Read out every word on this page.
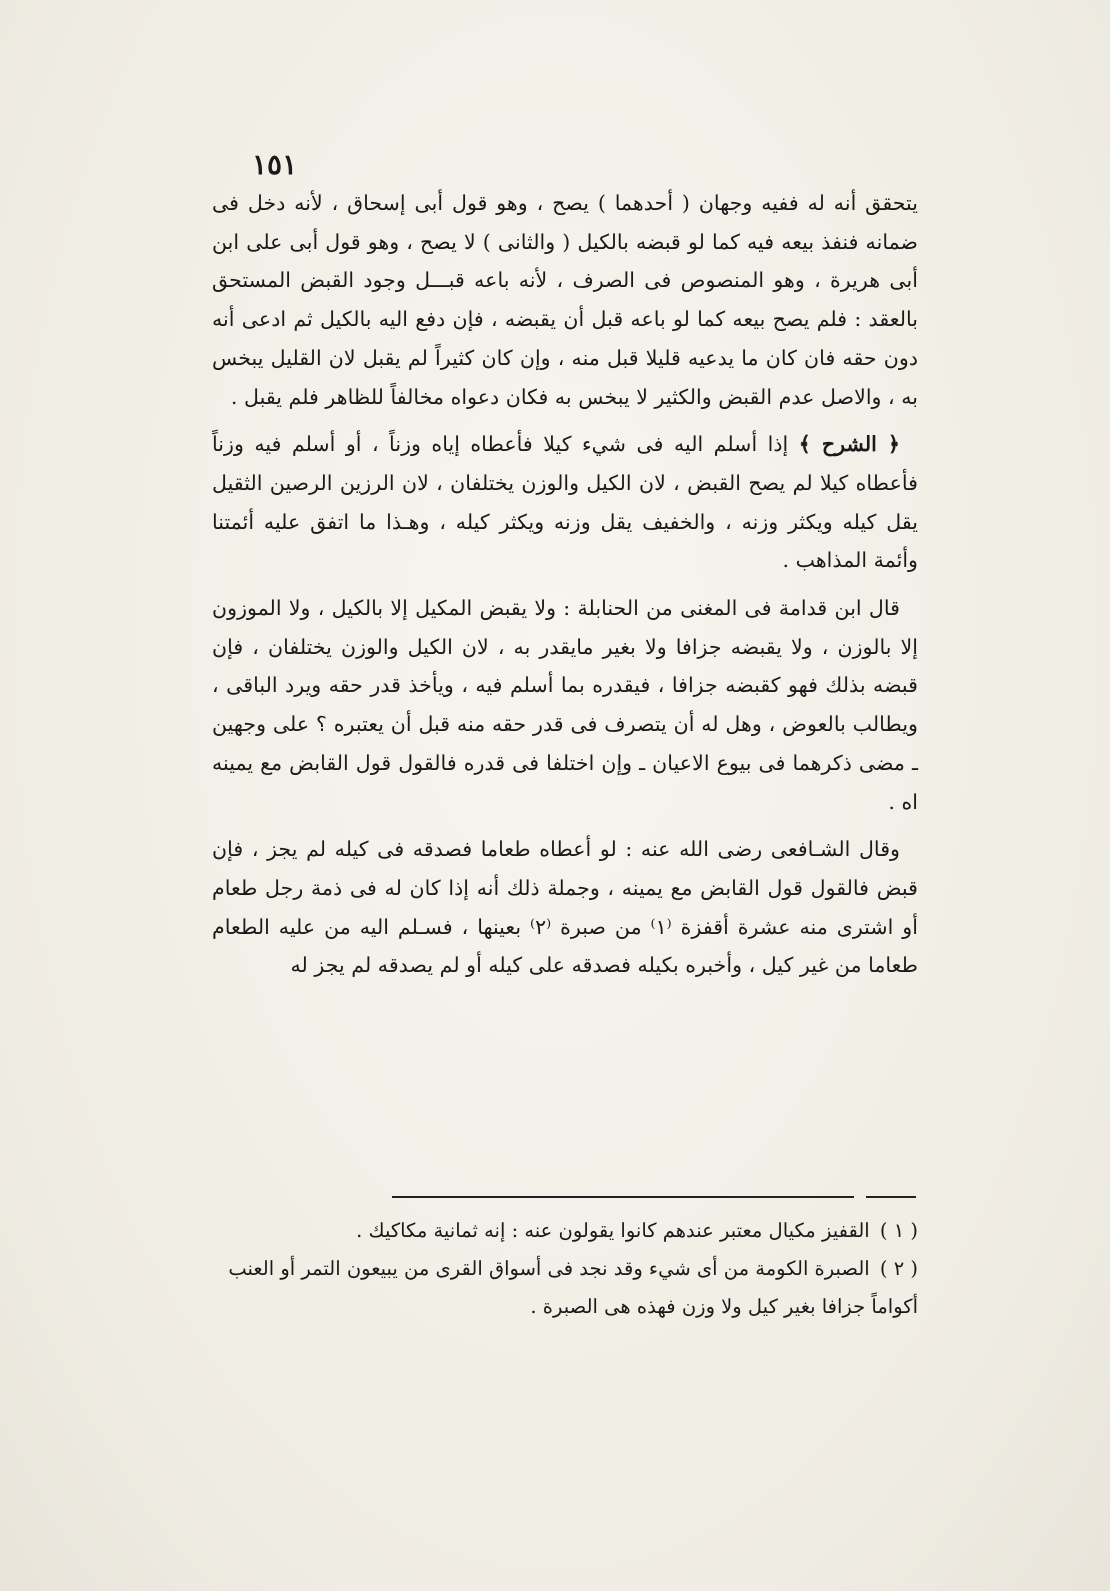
١٥١

يتحقق أنه له ففيه وجهان ( أحدهما ) يصح ، وهو قول أبى إسحاق ، لأنه دخل فى ضمانه فنفذ بيعه فيه كما لو قبضه بالكيل ( والثانى ) لا يصح ، وهو قول أبى على ابن أبى هريرة ، وهو المنصوص فى الصرف ، لأنه باعه قبـــل وجود القبض المستحق بالعقد : فلم يصح بيعه كما لو باعه قبل أن يقبضه ، فإن دفع اليه بالكيل ثم ادعى أنه دون حقه فان كان ما يدعيه قليلا قبل منه ، وإن كان كثيراً لم يقبل لان القليل يبخس به ، والاصل عدم القبض والكثير لا يبخس به فكان دعواه مخالفاً للظاهر فلم يقبل .

﴿ الشرح ﴾ إذا أسلم اليه فى شيء كيلا فأعطاه إياه وزناً ، أو أسلم فيه وزناً فأعطاه كيلا لم يصح القبض ، لان الكيل والوزن يختلفان ، لان الرزين الرصين الثقيل يقل كيله ويكثر وزنه ، والخفيف يقل وزنه ويكثر كيله ، وهـذا ما اتفق عليه أئمتنا وأئمة المذاهب .

قال ابن قدامة فى المغنى من الحنابلة : ولا يقبض المكيل إلا بالكيل ، ولا الموزون إلا بالوزن ، ولا يقبضه جزافا ولا بغير مايقدر به ، لان الكيل والوزن يختلفان ، فإن قبضه بذلك فهو كقبضه جزافا ، فيقدره بما أسلم فيه ، ويأخذ قدر حقه ويرد الباقى ، ويطالب بالعوض ، وهل له أن يتصرف فى قدر حقه منه قبل أن يعتبره ؟ على وجهين ـ مضى ذكرهما فى بيوع الاعيان ـ وإن اختلفا فى قدره فالقول قول القابض مع يمينه اه .

وقال الشـافعى رضى الله عنه : لو أعطاه طعاما فصدقه فى كيله لم يجز ، فإن قبض فالقول قول القابض مع يمينه ، وجملة ذلك أنه إذا كان له فى ذمة رجل طعام أو اشترى منه عشرة أقفزة ⁽١⁾ من صبرة ⁽٢⁾ بعينها ، فسـلم اليه من عليه الطعام طعاما من غير كيل ، وأخبره بكيله فصدقه على كيله أو لم يصدقه لم يجز له

( ١ ) القفيز مكيال معتبر عندهم كانوا يقولون عنه : إنه ثمانية مكاكيك .

( ٢ ) الصبرة الكومة من أى شيء وقد نجد فى أسواق القرى من يبيعون التمر أو العنب أكواماً جزافا بغير كيل ولا وزن فهذه هى الصبرة .
